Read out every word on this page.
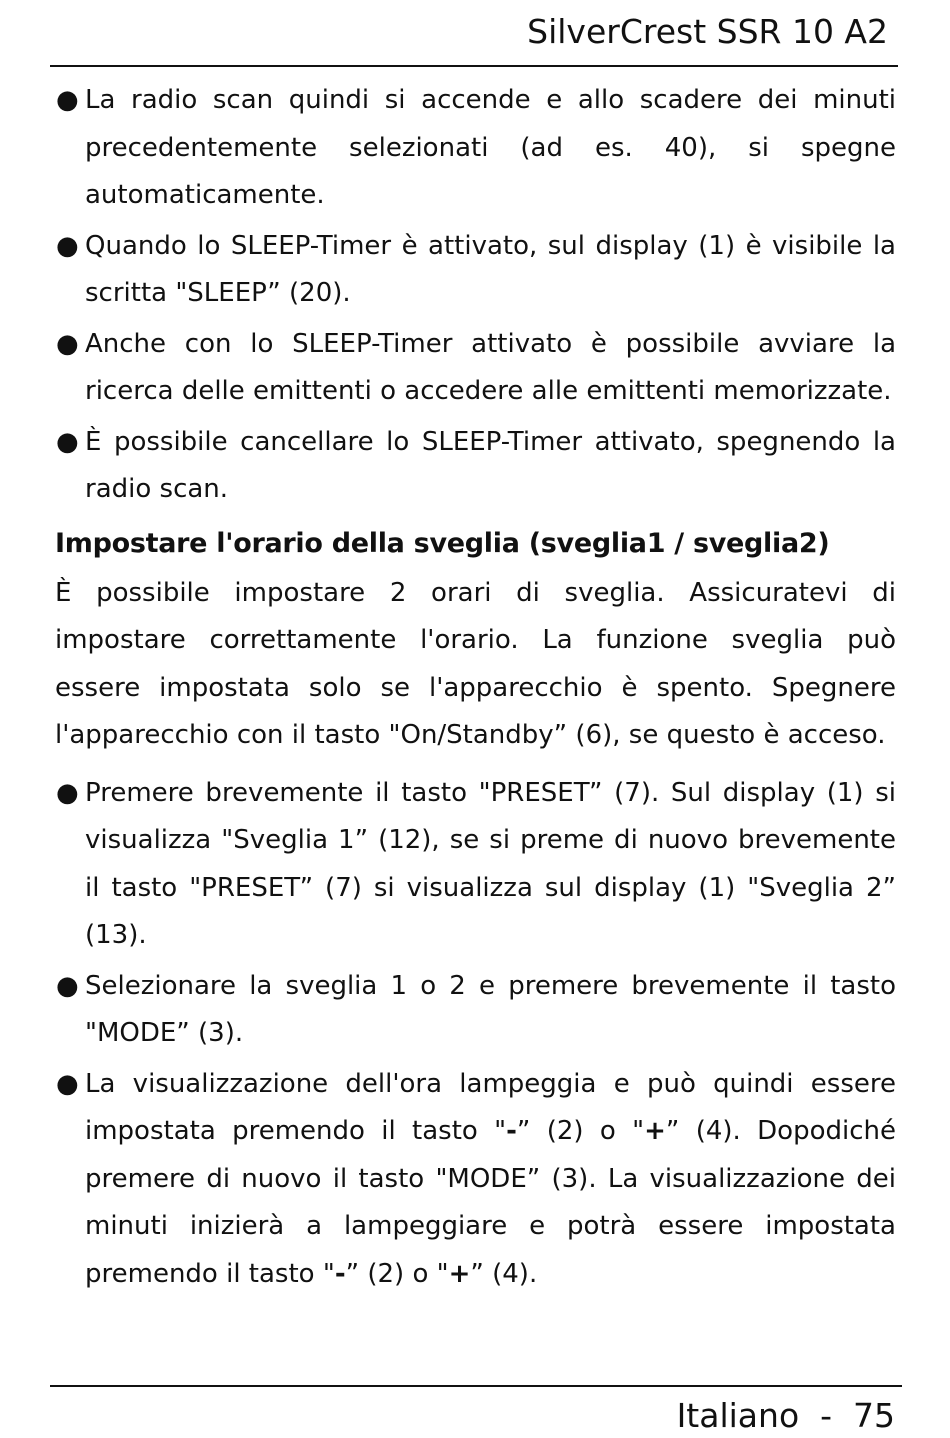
SilverCrest SSR 10 A2
● La radio scan quindi si accende e allo scadere dei minuti precedentemente selezionati (ad es. 40), si spegne automaticamente.
● Quando lo SLEEP-Timer è attivato, sul display (1) è visibile la scritta "SLEEP” (20).
● Anche con lo SLEEP-Timer attivato è possibile avviare la ricerca delle emittenti o accedere alle emittenti memorizzate.
● È possibile cancellare lo SLEEP-Timer attivato, spegnendo la radio scan.
Impostare l'orario della sveglia (sveglia1 / sveglia2)

È possibile impostare 2 orari di sveglia. Assicuratevi di impostare correttamente l'orario. La funzione sveglia può essere impostata solo se l'apparecchio è spento. Spegnere l'apparecchio con il tasto "On/Standby” (6), se questo è acceso.

● Premere brevemente il tasto "PRESET” (7). Sul display (1) si visualizza "Sveglia 1” (12), se si preme di nuovo brevemente il tasto "PRESET” (7) si visualizza sul display (1) "Sveglia 2” (13).
● Selezionare la sveglia 1 o 2 e premere brevemente il tasto "MODE” (3).
● La visualizzazione dell'ora lampeggia e può quindi essere impostata premendo il tasto "-” (2) o "+” (4). Dopodiché premere di nuovo il tasto "MODE” (3). La visualizzazione dei minuti inizierà a lampeggiare e potrà essere impostata premendo il tasto "-” (2) o "+” (4).
Italiano  -  75
